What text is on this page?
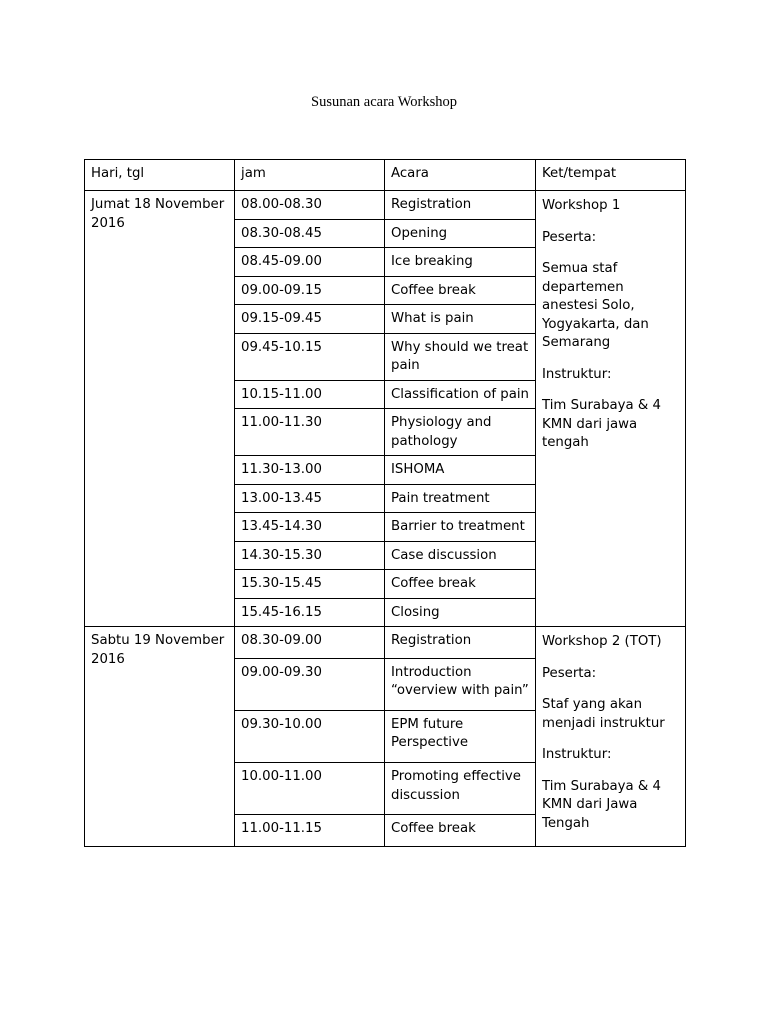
Susunan acara Workshop
Hari, tgl	jam	Acara	Ket/tempat

Jumat 18 November 2016	08.00-08.30	Registration	Workshop 1

Peserta:

Semua staf departemen anestesi Solo, Yogyakarta, dan Semarang

Instruktur:

Tim Surabaya & 4 KMN dari jawa tengah

	08.30-08.45	Opening	
	08.45-09.00	Ice breaking	
	09.00-09.15	Coffee break	
	09.15-09.45	What is pain	
	09.45-10.15	Why should we treat pain	
	10.15-11.00	Classification of pain	
	11.00-11.30	Physiology and pathology	
	11.30-13.00	ISHOMA	
	13.00-13.45	Pain treatment	
	13.45-14.30	Barrier to treatment	
	14.30-15.30	Case discussion	
	15.30-15.45	Coffee break	
	15.45-16.15	Closing	

Sabtu 19 November 2016	08.30-09.00	Registration	Workshop 2 (TOT)

Peserta:

Staf yang akan menjadi instruktur

Instruktur:

Tim Surabaya & 4 KMN dari Jawa Tengah

	09.00-09.30	Introduction “overview with pain”	
	09.30-10.00	EPM future Perspective	
	10.00-11.00	Promoting effective discussion	
	11.00-11.15	Coffee break	
